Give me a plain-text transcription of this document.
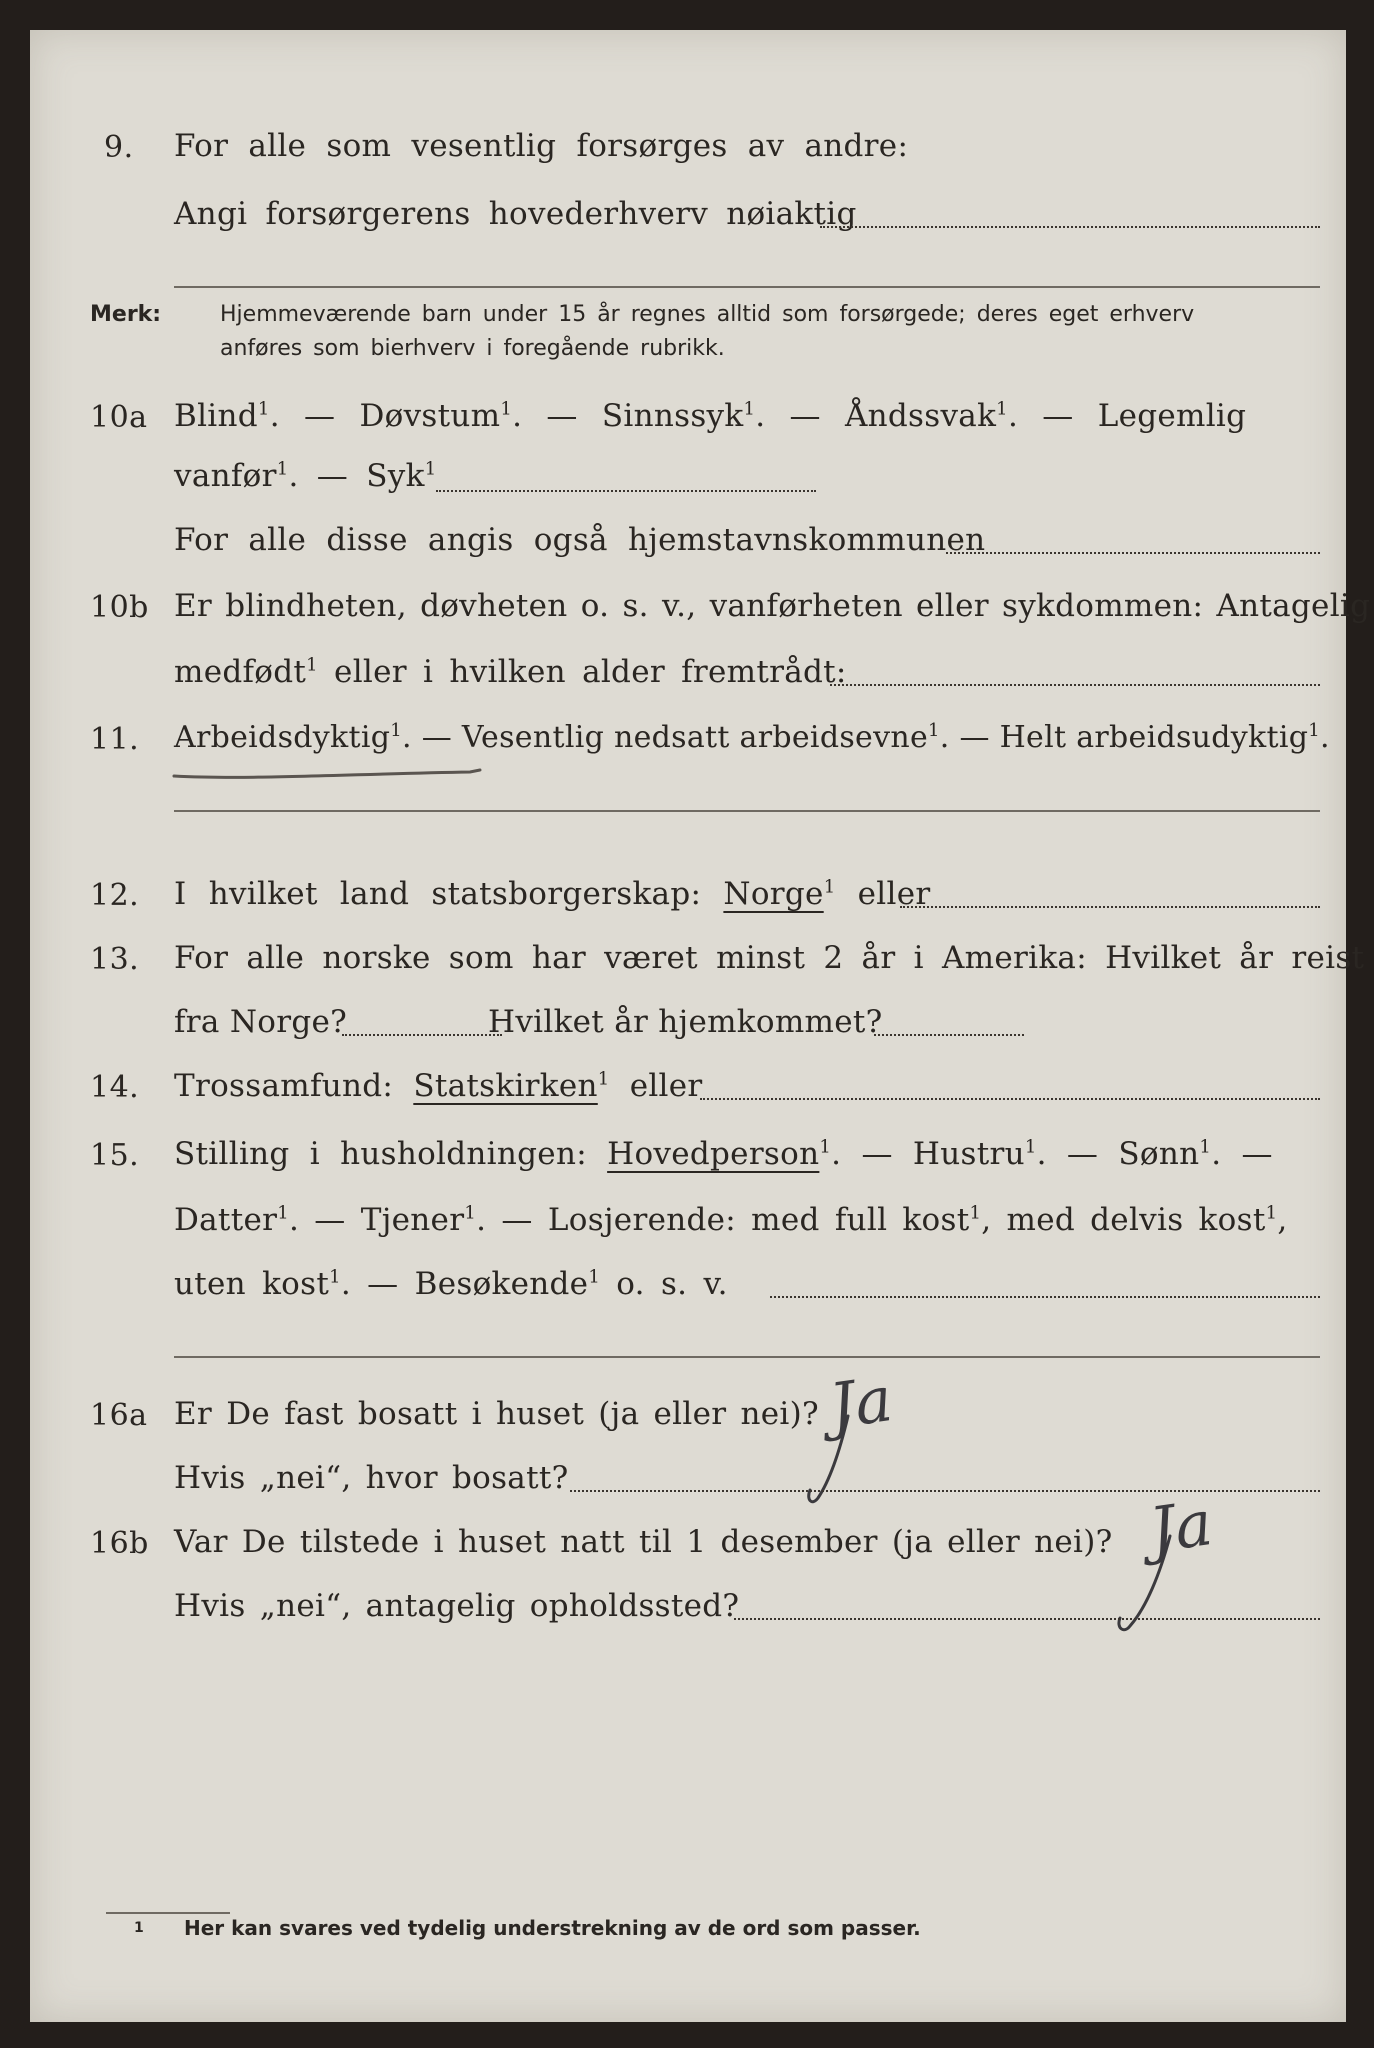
9. For alle som vesentlig forsørges av andre:
Angi forsørgerens hovederhverv nøiaktig
Merk:	Hjemmeværende barn under 15 år regnes alltid som forsørgede; deres eget erhverv
anføres som bierhverv i foregående rubrikk.
10a Blind$^1$. — Døvstum$^1$. — Sinnssyk$^1$. — Åndssvak$^1$. — Legemlig
vanfør$^1$. — Syk$^1$
For alle disse angis også hjemstavnskommunen
10b Er blindheten, døvheten o. s. v., vanførheten eller sykdommen: Antagelig
medfødt$^1$ eller i hvilken alder fremtrådt:
11. Arbeidsdyktig$^1$. — Vesentlig nedsatt arbeidsevne$^1$. — Helt arbeidsudyktig$^1$.
12. I hvilket land statsborgerskap: Norge$^1$ eller
13. For alle norske som har været minst 2 år i Amerika: Hvilket år reist
fra Norge?	Hvilket år hjemkommet?
14. Trossamfund: Statskirken$^1$ eller
15. Stilling i husholdningen: Hovedperson$^1$. — Hustru$^1$. — Sønn$^1$. —
Datter$^1$. — Tjener$^1$. — Losjerende: med full kost$^1$, med delvis kost$^1$,
uten kost$^1$. — Besøkende$^1$ o. s. v.
16a Er De fast bosatt i huset (ja eller nei)? Ja
Hvis „nei“, hvor bosatt?
16b Var De tilstede i huset natt til 1 desember (ja eller nei)? Ja
Hvis „nei“, antagelig opholdssted?
1 Her kan svares ved tydelig understrekning av de ord som passer.
